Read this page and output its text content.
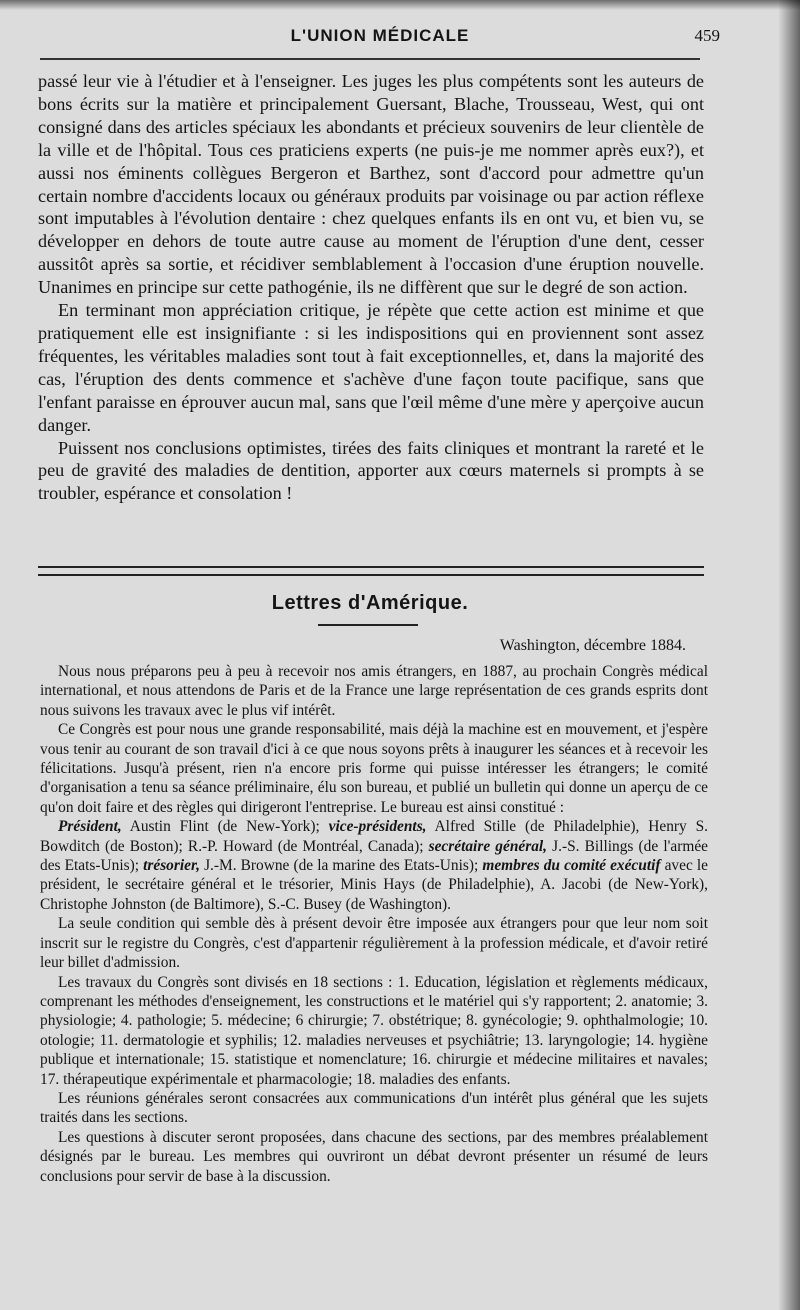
L'UNION MÉDICALE	459

passé leur vie à l'étudier et à l'enseigner. Les juges les plus compétents sont les auteurs de bons écrits sur la matière et principalement Guersant, Blache, Trousseau, West, qui ont consigné dans des articles spéciaux les abondants et précieux souvenirs de leur clientèle de la ville et de l'hôpital. Tous ces praticiens experts (ne puis-je me nommer après eux?), et aussi nos éminents collègues Bergeron et Barthez, sont d'accord pour admettre qu'un certain nombre d'accidents locaux ou généraux produits par voisinage ou par action réflexe sont imputables à l'évolution dentaire : chez quelques enfants ils en ont vu, et bien vu, se développer en dehors de toute autre cause au moment de l'éruption d'une dent, cesser aussitôt après sa sortie, et récidiver semblablement à l'occasion d'une éruption nouvelle. Unanimes en principe sur cette pathogénie, ils ne diffèrent que sur le degré de son action.

En terminant mon appréciation critique, je répète que cette action est minime et que pratiquement elle est insignifiante : si les indispositions qui en proviennent sont assez fréquentes, les véritables maladies sont tout à fait exceptionnelles, et, dans la majorité des cas, l'éruption des dents commence et s'achève d'une façon toute pacifique, sans que l'enfant paraisse en éprouver aucun mal, sans que l'œil même d'une mère y aperçoive aucun danger.

Puissent nos conclusions optimistes, tirées des faits cliniques et montrant la rareté et le peu de gravité des maladies de dentition, apporter aux cœurs maternels si prompts à se troubler, espérance et consolation !

Lettres d'Amérique.
Washington, décembre 1884.

Nous nous préparons peu à peu à recevoir nos amis étrangers, en 1887, au prochain Congrès médical international, et nous attendons de Paris et de la France une large représentation de ces grands esprits dont nous suivons les travaux avec le plus vif intérêt.

Ce Congrès est pour nous une grande responsabilité, mais déjà la machine est en mouvement, et j'espère vous tenir au courant de son travail d'ici à ce que nous soyons prêts à inaugurer les séances et à recevoir les félicitations. Jusqu'à présent, rien n'a encore pris forme qui puisse intéresser les étrangers; le comité d'organisation a tenu sa séance préliminaire, élu son bureau, et publié un bulletin qui donne un aperçu de ce qu'on doit faire et des règles qui dirigeront l'entreprise. Le bureau est ainsi constitué :

Président, Austin Flint (de New-York); vice-présidents, Alfred Stille (de Philadelphie), Henry S. Bowditch (de Boston); R.-P. Howard (de Montréal, Canada); secrétaire général, J.-S. Billings (de l'armée des Etats-Unis); trésorier, J.-M. Browne (de la marine des Etats-Unis); membres du comité exécutif avec le président, le secrétaire général et le trésorier, Minis Hays (de Philadelphie), A. Jacobi (de New-York), Christophe Johnston (de Baltimore), S.-C. Busey (de Washington).

La seule condition qui semble dès à présent devoir être imposée aux étrangers pour que leur nom soit inscrit sur le registre du Congrès, c'est d'appartenir régulièrement à la profession médicale, et d'avoir retiré leur billet d'admission.

Les travaux du Congrès sont divisés en 18 sections : 1. Education, législation et règlements médicaux, comprenant les méthodes d'enseignement, les constructions et le matériel qui s'y rapportent; 2. anatomie; 3. physiologie; 4. pathologie; 5. médecine; 6 chirurgie; 7. obstétrique; 8. gynécologie; 9. ophthalmologie; 10. otologie; 11. dermatologie et syphilis; 12. maladies nerveuses et psychiâtrie; 13. laryngologie; 14. hygiène publique et internationale; 15. statistique et nomenclature; 16. chirurgie et médecine militaires et navales; 17. thérapeutique expérimentale et pharmacologie; 18. maladies des enfants.

Les réunions générales seront consacrées aux communications d'un intérêt plus général que les sujets traités dans les sections.

Les questions à discuter seront proposées, dans chacune des sections, par des membres préalablement désignés par le bureau. Les membres qui ouvriront un débat devront présenter un résumé de leurs conclusions pour servir de base à la discussion.
